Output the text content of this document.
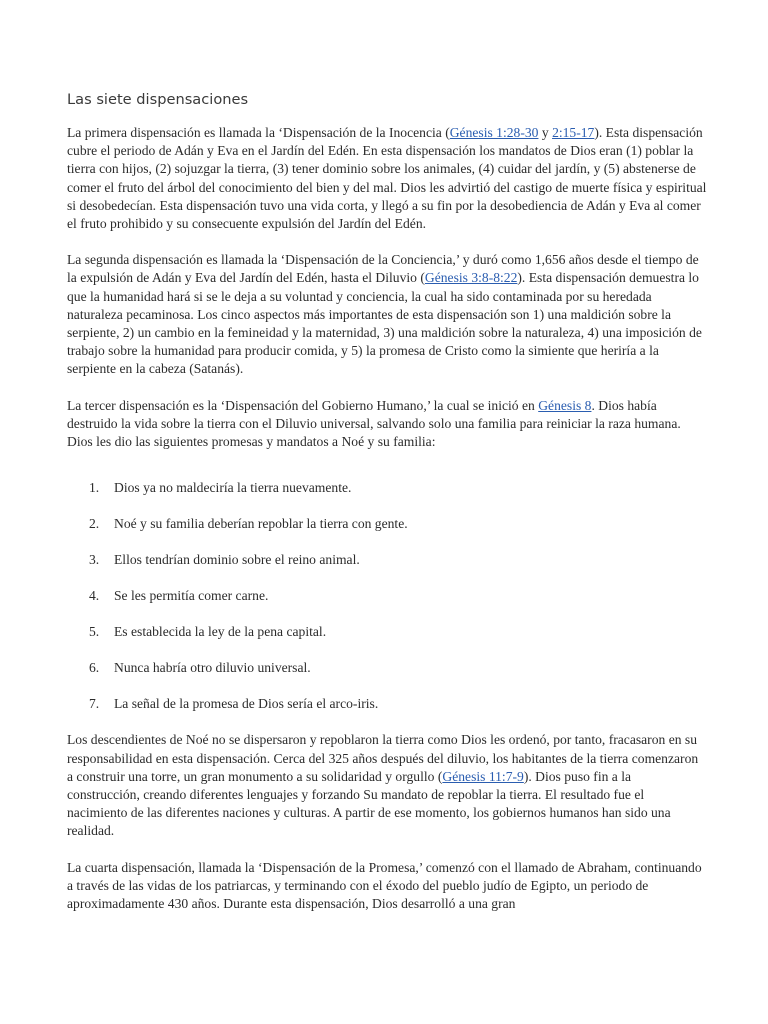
Las siete dispensaciones

La primera dispensación es llamada la ‘Dispensación de la Inocencia (Génesis 1:28-30 y 2:15-17). Esta dispensación cubre el periodo de Adán y Eva en el Jardín del Edén. En esta dispensación los mandatos de Dios eran (1) poblar la tierra con hijos, (2) sojuzgar la tierra, (3) tener dominio sobre los animales, (4) cuidar del jardín, y (5) abstenerse de comer el fruto del árbol del conocimiento del bien y del mal. Dios les advirtió del castigo de muerte física y espiritual si desobedecían. Esta dispensación tuvo una vida corta, y llegó a su fin por la desobediencia de Adán y Eva al comer el fruto prohibido y su consecuente expulsión del Jardín del Edén.

La segunda dispensación es llamada la ‘Dispensación de la Conciencia,’ y duró como 1,656 años desde el tiempo de la expulsión de Adán y Eva del Jardín del Edén, hasta el Diluvio (Génesis 3:8-8:22). Esta dispensación demuestra lo que la humanidad hará si se le deja a su voluntad y conciencia, la cual ha sido contaminada por su heredada naturaleza pecaminosa. Los cinco aspectos más importantes de esta dispensación son 1) una maldición sobre la serpiente, 2) un cambio en la femineidad y la maternidad, 3) una maldición sobre la naturaleza, 4) una imposición de trabajo sobre la humanidad para producir comida, y 5) la promesa de Cristo como la simiente que heriría a la serpiente en la cabeza (Satanás).

La tercer dispensación es la ‘Dispensación del Gobierno Humano,’ la cual se inició en Génesis 8. Dios había destruido la vida sobre la tierra con el Diluvio universal, salvando solo una familia para reiniciar la raza humana. Dios les dio las siguientes promesas y mandatos a Noé y su familia:

1.	Dios ya no maldeciría la tierra nuevamente.
2.	Noé y su familia deberían repoblar la tierra con gente.
3.	Ellos tendrían dominio sobre el reino animal.
4.	Se les permitía comer carne.
5.	Es establecida la ley de la pena capital.
6.	Nunca habría otro diluvio universal.
7.	La señal de la promesa de Dios sería el arco-iris.

Los descendientes de Noé no se dispersaron y repoblaron la tierra como Dios les ordenó, por tanto, fracasaron en su responsabilidad en esta dispensación. Cerca del 325 años después del diluvio, los habitantes de la tierra comenzaron a construir una torre, un gran monumento a su solidaridad y orgullo (Génesis 11:7-9). Dios puso fin a la construcción, creando diferentes lenguajes y forzando Su mandato de repoblar la tierra. El resultado fue el nacimiento de las diferentes naciones y culturas. A partir de ese momento, los gobiernos humanos han sido una realidad.

La cuarta dispensación, llamada la ‘Dispensación de la Promesa,’ comenzó con el llamado de Abraham, continuando a través de las vidas de los patriarcas, y terminando con el éxodo del pueblo judío de Egipto, un periodo de aproximadamente 430 años. Durante esta dispensación, Dios desarrolló a una gran
